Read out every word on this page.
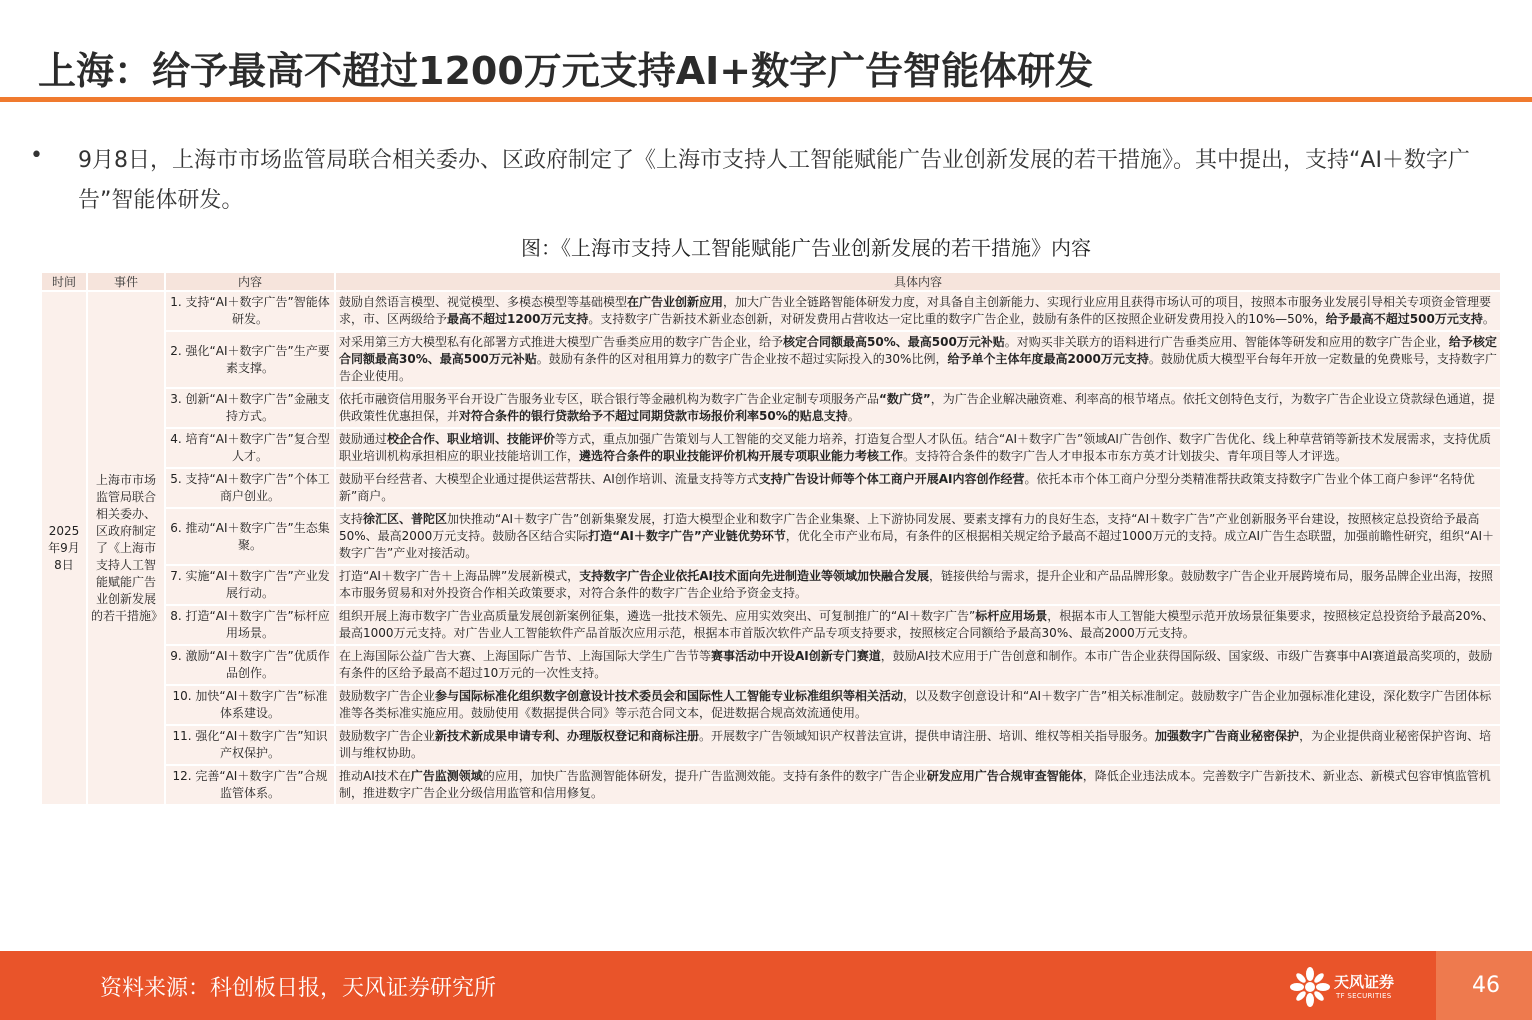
上海：给予最高不超过1200万元支持AI+数字广告智能体研发
• 9月8日，上海市市场监管局联合相关委办、区政府制定了《上海市支持人工智能赋能广告业创新发展的若干措施》。其中提出，支持“AI＋数字广告”智能体研发。
图：《上海市支持人工智能赋能广告业创新发展的若干措施》内容
时间	事件	内容	具体内容
2025年9月8日	上海市市场监管局联合相关委办、区政府制定了《上海市支持人工智能赋能广告业创新发展的若干措施》	1. 支持“AI＋数字广告”智能体研发。	鼓励自然语言模型、视觉模型、多模态模型等基础模型在广告业创新应用，加大广告业全链路智能体研发力度，对具备自主创新能力、实现行业应用且获得市场认可的项目，按照本市服务业发展引导相关专项资金管理要求，市、区两级给予最高不超过1200万元支持。支持数字广告新技术新业态创新，对研发费用占营收达一定比重的数字广告企业，鼓励有条件的区按照企业研发费用投入的10%—50%，给予最高不超过500万元支持。
		2. 强化“AI＋数字广告”生产要素支撑。	对采用第三方大模型私有化部署方式推进大模型广告垂类应用的数字广告企业，给予核定合同额最高50%、最高500万元补贴。对购买非关联方的语料进行广告垂类应用、智能体等研发和应用的数字广告企业，给予核定合同额最高30%、最高500万元补贴。鼓励有条件的区对租用算力的数字广告企业按不超过实际投入的30%比例，给予单个主体年度最高2000万元支持。鼓励优质大模型平台每年开放一定数量的免费账号，支持数字广告企业使用。
		3. 创新“AI＋数字广告”金融支持方式。	依托市融资信用服务平台开设广告服务业专区，联合银行等金融机构为数字广告企业定制专项服务产品“数广贷”，为广告企业解决融资难、利率高的根节堵点。依托文创特色支行，为数字广告企业设立贷款绿色通道，提供政策性优惠担保，并对符合条件的银行贷款给予不超过同期贷款市场报价利率50%的贴息支持。
		4. 培育“AI＋数字广告”复合型人才。	鼓励通过校企合作、职业培训、技能评价等方式，重点加强广告策划与人工智能的交叉能力培养，打造复合型人才队伍。结合“AI＋数字广告”领域AI广告创作、数字广告优化、线上种草营销等新技术发展需求，支持优质职业培训机构承担相应的职业技能培训工作，遴选符合条件的职业技能评价机构开展专项职业能力考核工作。支持符合条件的数字广告人才申报本市东方英才计划拔尖、青年项目等人才评选。
		5. 支持“AI＋数字广告”个体工商户创业。	鼓励平台经营者、大模型企业通过提供运营帮扶、AI创作培训、流量支持等方式支持广告设计师等个体工商户开展AI内容创作经营。依托本市个体工商户分型分类精准帮扶政策支持数字广告业个体工商户参评“名特优新”商户。
		6. 推动“AI＋数字广告”生态集聚。	支持徐汇区、普陀区加快推动“AI＋数字广告”创新集聚发展，打造大模型企业和数字广告企业集聚、上下游协同发展、要素支撑有力的良好生态，支持“AI＋数字广告”产业创新服务平台建设，按照核定总投资给予最高50%、最高2000万元支持。鼓励各区结合实际打造“AI＋数字广告”产业链优势环节，优化全市产业布局，有条件的区根据相关规定给予最高不超过1000万元的支持。成立AI广告生态联盟，加强前瞻性研究，组织“AI＋数字广告”产业对接活动。
		7. 实施“AI＋数字广告”产业发展行动。	打造“AI＋数字广告＋上海品牌”发展新模式，支持数字广告企业依托AI技术面向先进制造业等领域加快融合发展，链接供给与需求，提升企业和产品品牌形象。鼓励数字广告企业开展跨境布局，服务品牌企业出海，按照本市服务贸易和对外投资合作相关政策要求，对符合条件的数字广告企业给予资金支持。
		8. 打造“AI＋数字广告”标杆应用场景。	组织开展上海市数字广告业高质量发展创新案例征集，遴选一批技术领先、应用实效突出、可复制推广的“AI＋数字广告”标杆应用场景，根据本市人工智能大模型示范开放场景征集要求，按照核定总投资给予最高20%、最高1000万元支持。对广告业人工智能软件产品首版次应用示范，根据本市首版次软件产品专项支持要求，按照核定合同额给予最高30%、最高2000万元支持。
		9. 激励“AI＋数字广告”优质作品创作。	在上海国际公益广告大赛、上海国际广告节、上海国际大学生广告节等赛事活动中开设AI创新专门赛道，鼓励AI技术应用于广告创意和制作。本市广告企业获得国际级、国家级、市级广告赛事中AI赛道最高奖项的，鼓励有条件的区给予最高不超过10万元的一次性支持。
		10. 加快“AI＋数字广告”标准体系建设。	鼓励数字广告企业参与国际标准化组织数字创意设计技术委员会和国际性人工智能专业标准组织等相关活动，以及数字创意设计和“AI＋数字广告”相关标准制定。鼓励数字广告企业加强标准化建设，深化数字广告团体标准等各类标准实施应用。鼓励使用《数据提供合同》等示范合同文本，促进数据合规高效流通使用。
		11. 强化“AI＋数字广告”知识产权保护。	鼓励数字广告企业新技术新成果申请专利、办理版权登记和商标注册。开展数字广告领域知识产权普法宣讲，提供申请注册、培训、维权等相关指导服务。加强数字广告商业秘密保护，为企业提供商业秘密保护咨询、培训与维权协助。
		12. 完善“AI＋数字广告”合规监管体系。	推动AI技术在广告监测领域的应用，加快广告监测智能体研发，提升广告监测效能。支持有条件的数字广告企业研发应用广告合规审查智能体，降低企业违法成本。完善数字广告新技术、新业态、新模式包容审慎监管机制，推进数字广告企业分级信用监管和信用修复。
资料来源：科创板日报，天风证券研究所	天风证券
TF SECURITIES	46
